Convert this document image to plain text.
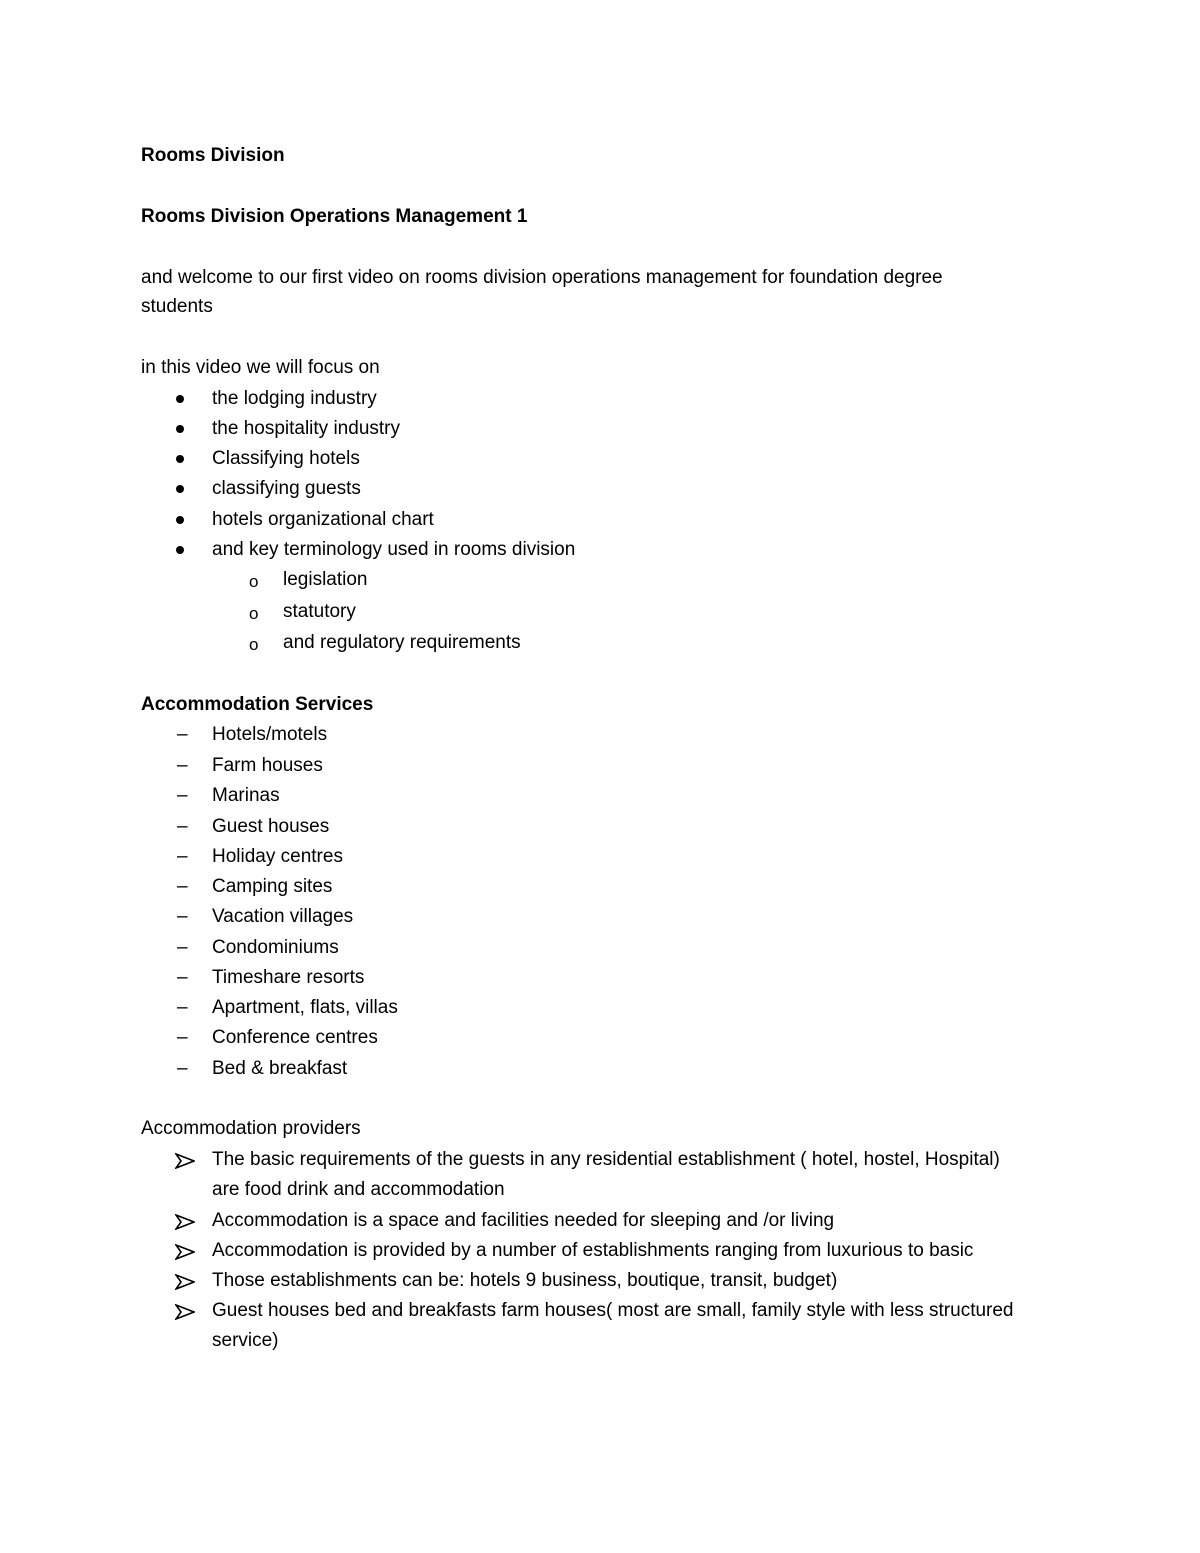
Rooms Division
Rooms Division Operations Management 1
and welcome to our first video on rooms division operations management for foundation degree
students
in this video we will focus on
the lodging industry
the hospitality industry
Classifying hotels
classifying guests
hotels organizational chart
and key terminology used in rooms division
o legislation
o statutory
o and regulatory requirements
Accommodation Services
– Hotels/motels
– Farm houses
– Marinas
– Guest houses
– Holiday centres
– Camping sites
– Vacation villages
– Condominiums
– Timeshare resorts
– Apartment, flats, villas
– Conference centres
– Bed & breakfast
Accommodation providers
The basic requirements of the guests in any residential establishment ( hotel, hostel, Hospital)
are food drink and accommodation
Accommodation is a space and facilities needed for sleeping and /or living
Accommodation is provided by a number of establishments ranging from luxurious to basic
Those establishments can be: hotels 9 business, boutique, transit, budget)
Guest houses bed and breakfasts farm houses( most are small, family style with less structured
service)
